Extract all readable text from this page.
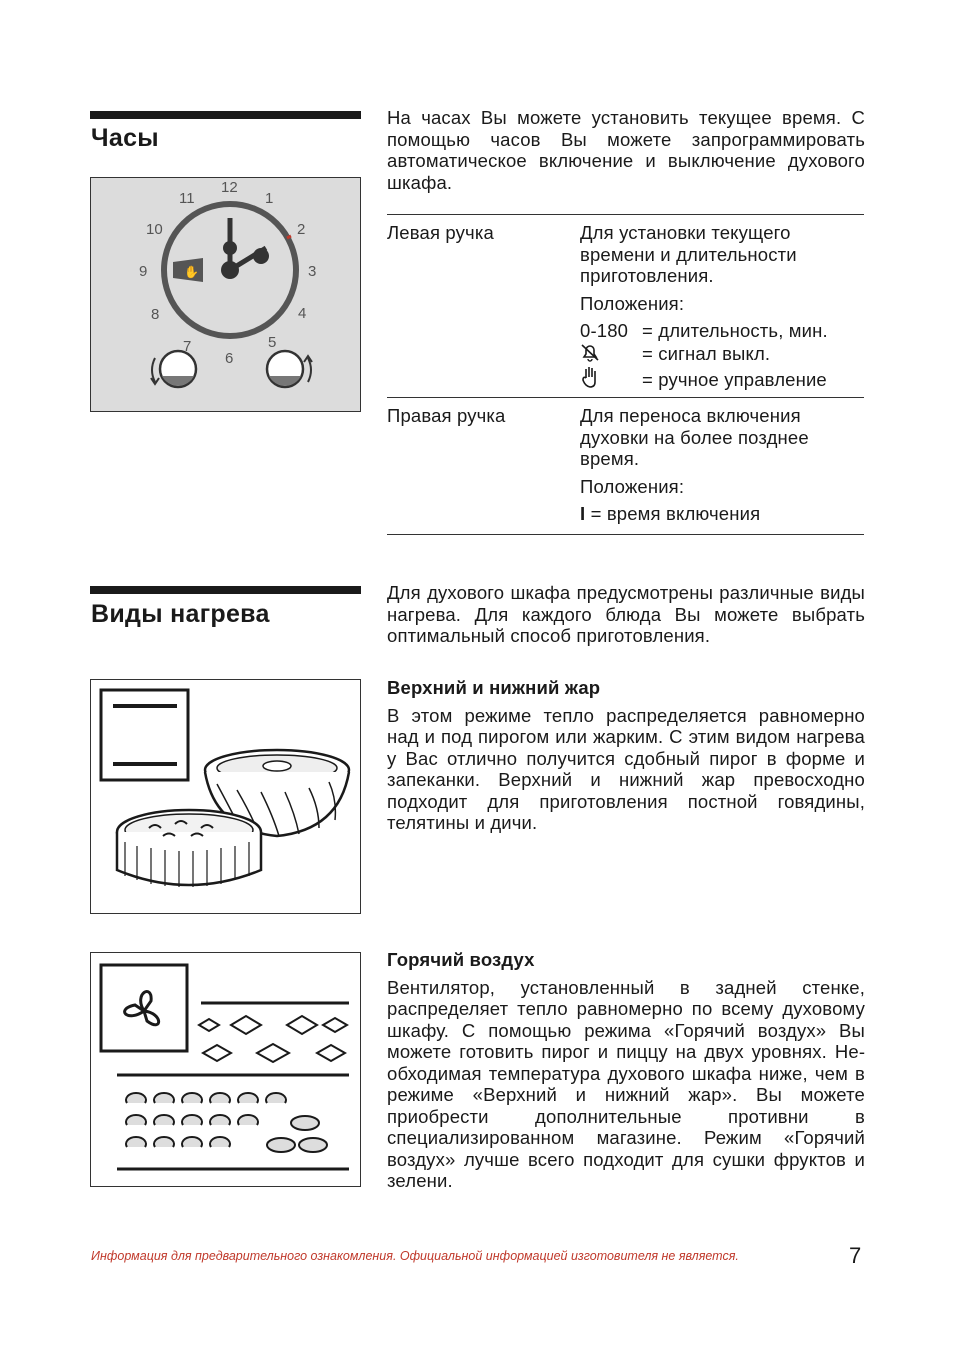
Часы

На часах Вы можете установить текущее время. С помощью часов Вы можете запрограммировать автоматическое включение и выключение духового шкафа.

✋
12
1
2
3
4
5
6
7
8
9
10
11
Левая ручка	Для установки текущего времени и длительности приготовления.

Положения:

0-180 = длительность, мин.
= сигнал выкл.
= ручное управление
Правая ручка	Для переноса включения духовки на более позднее время.

Положения:

I = время включения

Виды нагрева

Для духового шкафа предусмотрены различные виды нагрева. Для каждого блюда Вы можете выбрать оптимальный способ приготовления.

Верхний и нижний жар

В этом режиме тепло распределяется равномерно над и под пирогом или жарким. С этим видом нагрева у Вас отлично получится сдобный пирог в форме и запеканки. Верхний и нижний жар превосходно подходит для приготовления постной говядины, телятины и дичи.

Горячий воздух

Вентилятор, установленный в задней стенке, распределяет тепло равномерно по всему духовому шкафу. С помощью режима «Горячий воздух» Вы можете готовить пирог и пиццу на двух уровнях. Необходимая температура духового шкафа ниже, чем в режиме «Верхний и нижний жар». Вы можете приобрести дополнительные противни в специализированном магазине. Режим «Горячий воздух» лучше всего подходит для сушки фруктов и зелени.

Информация для предварительного ознакомления. Официальной информацией изготовителя не является.	7
